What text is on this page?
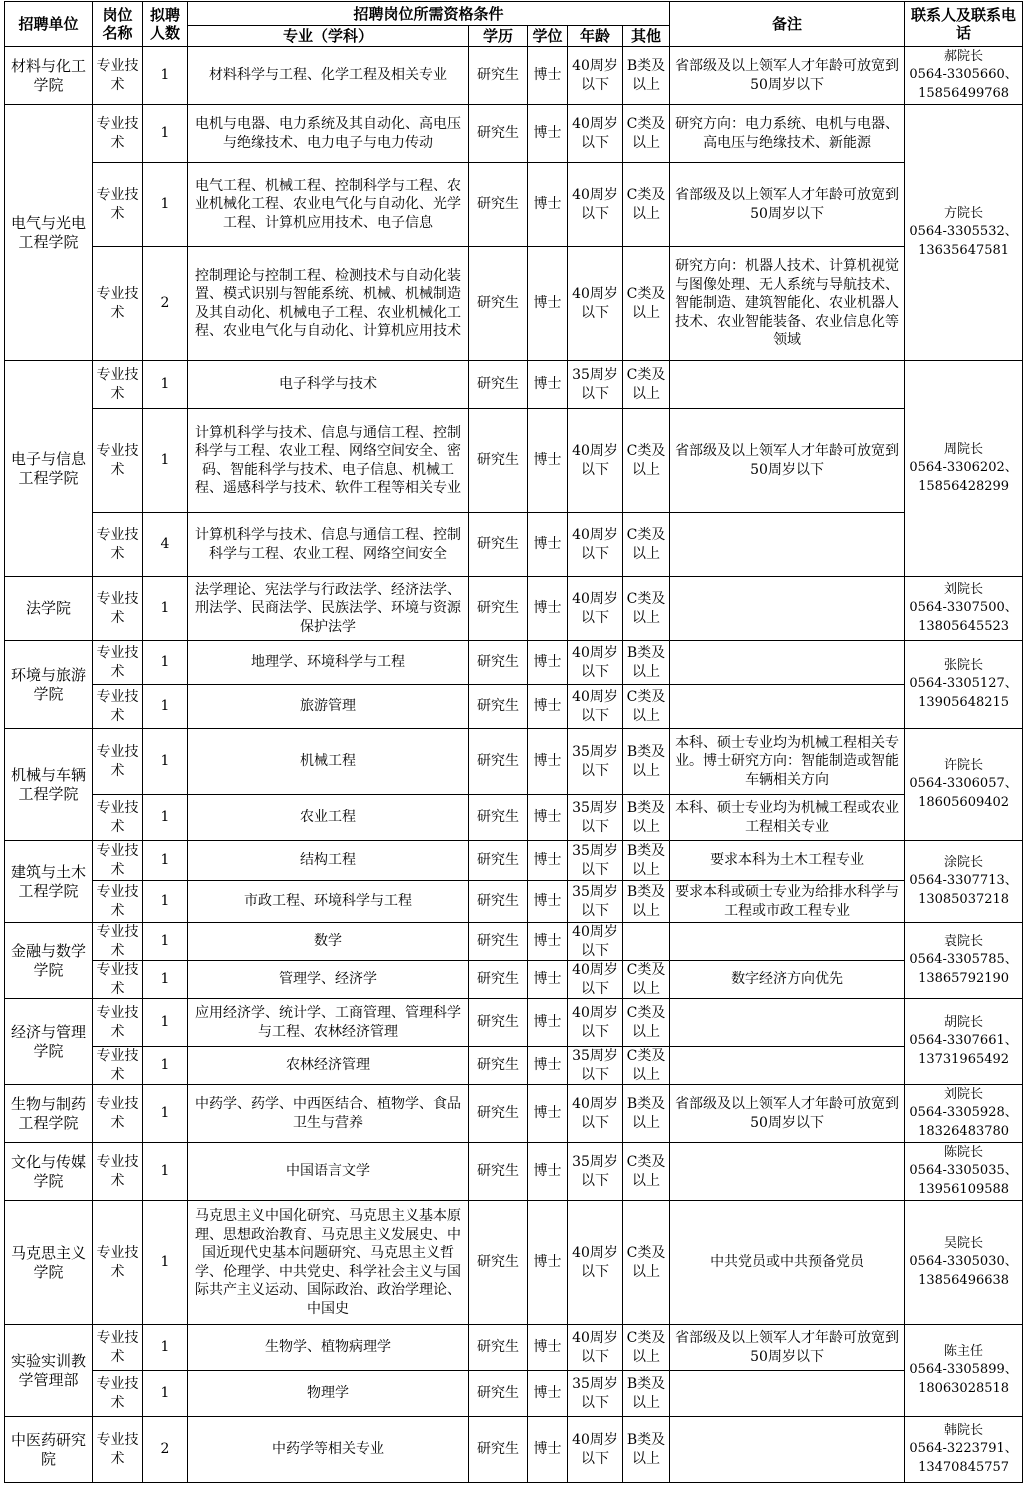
招聘单位	岗位名称	拟聘人数	招聘岗位所需资格条件					备注	联系人及联系电话
			专业（学科）	学历	学位	年龄	其他		
材料与化工学院	专业技术	1	材料科学与工程、化学工程及相关专业	研究生	博士	40周岁以下	B类及以上	省部级及以上领军人才年龄可放宽到50周岁以下	郝院长
0564-3305660、
15856499768

电气与光电工程学院	专业技术	1	电机与电器、电力系统及其自动化、高电压与绝缘技术、电力电子与电力传动	研究生	博士	40周岁以下	C类及以上	研究方向：电力系统、电机与电器、高电压与绝缘技术、新能源	方院长
0564-3305532、
13635647581

	专业技术	1	电气工程、机械工程、控制科学与工程、农业机械化工程、农业电气化与自动化、光学工程、计算机应用技术、电子信息	研究生	博士	40周岁以下	C类及以上	省部级及以上领军人才年龄可放宽到50周岁以下	
	专业技术	2	控制理论与控制工程、检测技术与自动化装置、模式识别与智能系统、机械、机械制造及其自动化、机械电子工程、农业机械化工程、农业电气化与自动化、计算机应用技术	研究生	博士	40周岁以下	C类及以上	研究方向：机器人技术、计算机视觉与图像处理、无人系统与导航技术、智能制造、建筑智能化、农业机器人技术、农业智能装备、农业信息化等领域	
电子与信息工程学院	专业技术	1	电子科学与技术	研究生	博士	35周岁以下	C类及以上		周院长
0564-3306202、
15856428299

	专业技术	1	计算机科学与技术、信息与通信工程、控制科学与工程、农业工程、网络空间安全、密码、智能科学与技术、电子信息、机械工程、遥感科学与技术、软件工程等相关专业	研究生	博士	40周岁以下	C类及以上	省部级及以上领军人才年龄可放宽到50周岁以下	
	专业技术	4	计算机科学与技术、信息与通信工程、控制科学与工程、农业工程、网络空间安全	研究生	博士	40周岁以下	C类及以上		
法学院	专业技术	1	法学理论、宪法学与行政法学、经济法学、刑法学、民商法学、民族法学、环境与资源保护法学	研究生	博士	40周岁以下	C类及以上		刘院长
0564-3307500、
13805645523

环境与旅游学院	专业技术	1	地理学、环境科学与工程	研究生	博士	40周岁以下	B类及以上		张院长
0564-3305127、
13905648215

	专业技术	1	旅游管理	研究生	博士	40周岁以下	C类及以上		
机械与车辆工程学院	专业技术	1	机械工程	研究生	博士	35周岁以下	B类及以上	本科、硕士专业均为机械工程相关专业。博士研究方向：智能制造或智能车辆相关方向	许院长
0564-3306057、
18605609402

	专业技术	1	农业工程	研究生	博士	35周岁以下	B类及以上	本科、硕士专业均为机械工程或农业工程相关专业	
建筑与土木工程学院	专业技术	1	结构工程	研究生	博士	35周岁以下	B类及以上	要求本科为土木工程专业	涂院长
0564-3307713、
13085037218

	专业技术	1	市政工程、环境科学与工程	研究生	博士	35周岁以下	B类及以上	要求本科或硕士专业为给排水科学与工程或市政工程专业	
金融与数学学院	专业技术	1	数学	研究生	博士	40周岁以下			袁院长
0564-3305785、
13865792190

	专业技术	1	管理学、经济学	研究生	博士	40周岁以下	C类及以上	数字经济方向优先	
经济与管理学院	专业技术	1	应用经济学、统计学、工商管理、管理科学与工程、农林经济管理	研究生	博士	40周岁以下	C类及以上		胡院长
0564-3307661、
13731965492

	专业技术	1	农林经济管理	研究生	博士	35周岁以下	C类及以上		
生物与制药工程学院	专业技术	1	中药学、药学、中西医结合、植物学、食品卫生与营养	研究生	博士	40周岁以下	B类及以上	省部级及以上领军人才年龄可放宽到50周岁以下	刘院长
0564-3305928、
18326483780

文化与传媒学院	专业技术	1	中国语言文学	研究生	博士	35周岁以下	C类及以上		陈院长
0564-3305035、
13956109588

马克思主义学院	专业技术	1	马克思主义中国化研究、马克思主义基本原理、思想政治教育、马克思主义发展史、中国近现代史基本问题研究、马克思主义哲学、伦理学、中共党史、科学社会主义与国际共产主义运动、国际政治、政治学理论、中国史	研究生	博士	40周岁以下	C类及以上	中共党员或中共预备党员	吴院长
0564-3305030、
13856496638

实验实训教学管理部	专业技术	1	生物学、植物病理学	研究生	博士	40周岁以下	C类及以上	省部级及以上领军人才年龄可放宽到50周岁以下	陈主任
0564-3305899、
18063028518

	专业技术	1	物理学	研究生	博士	35周岁以下	B类及以上		
中医药研究院	专业技术	2	中药学等相关专业	研究生	博士	40周岁以下	B类及以上		韩院长
0564-3223791、
13470845757
